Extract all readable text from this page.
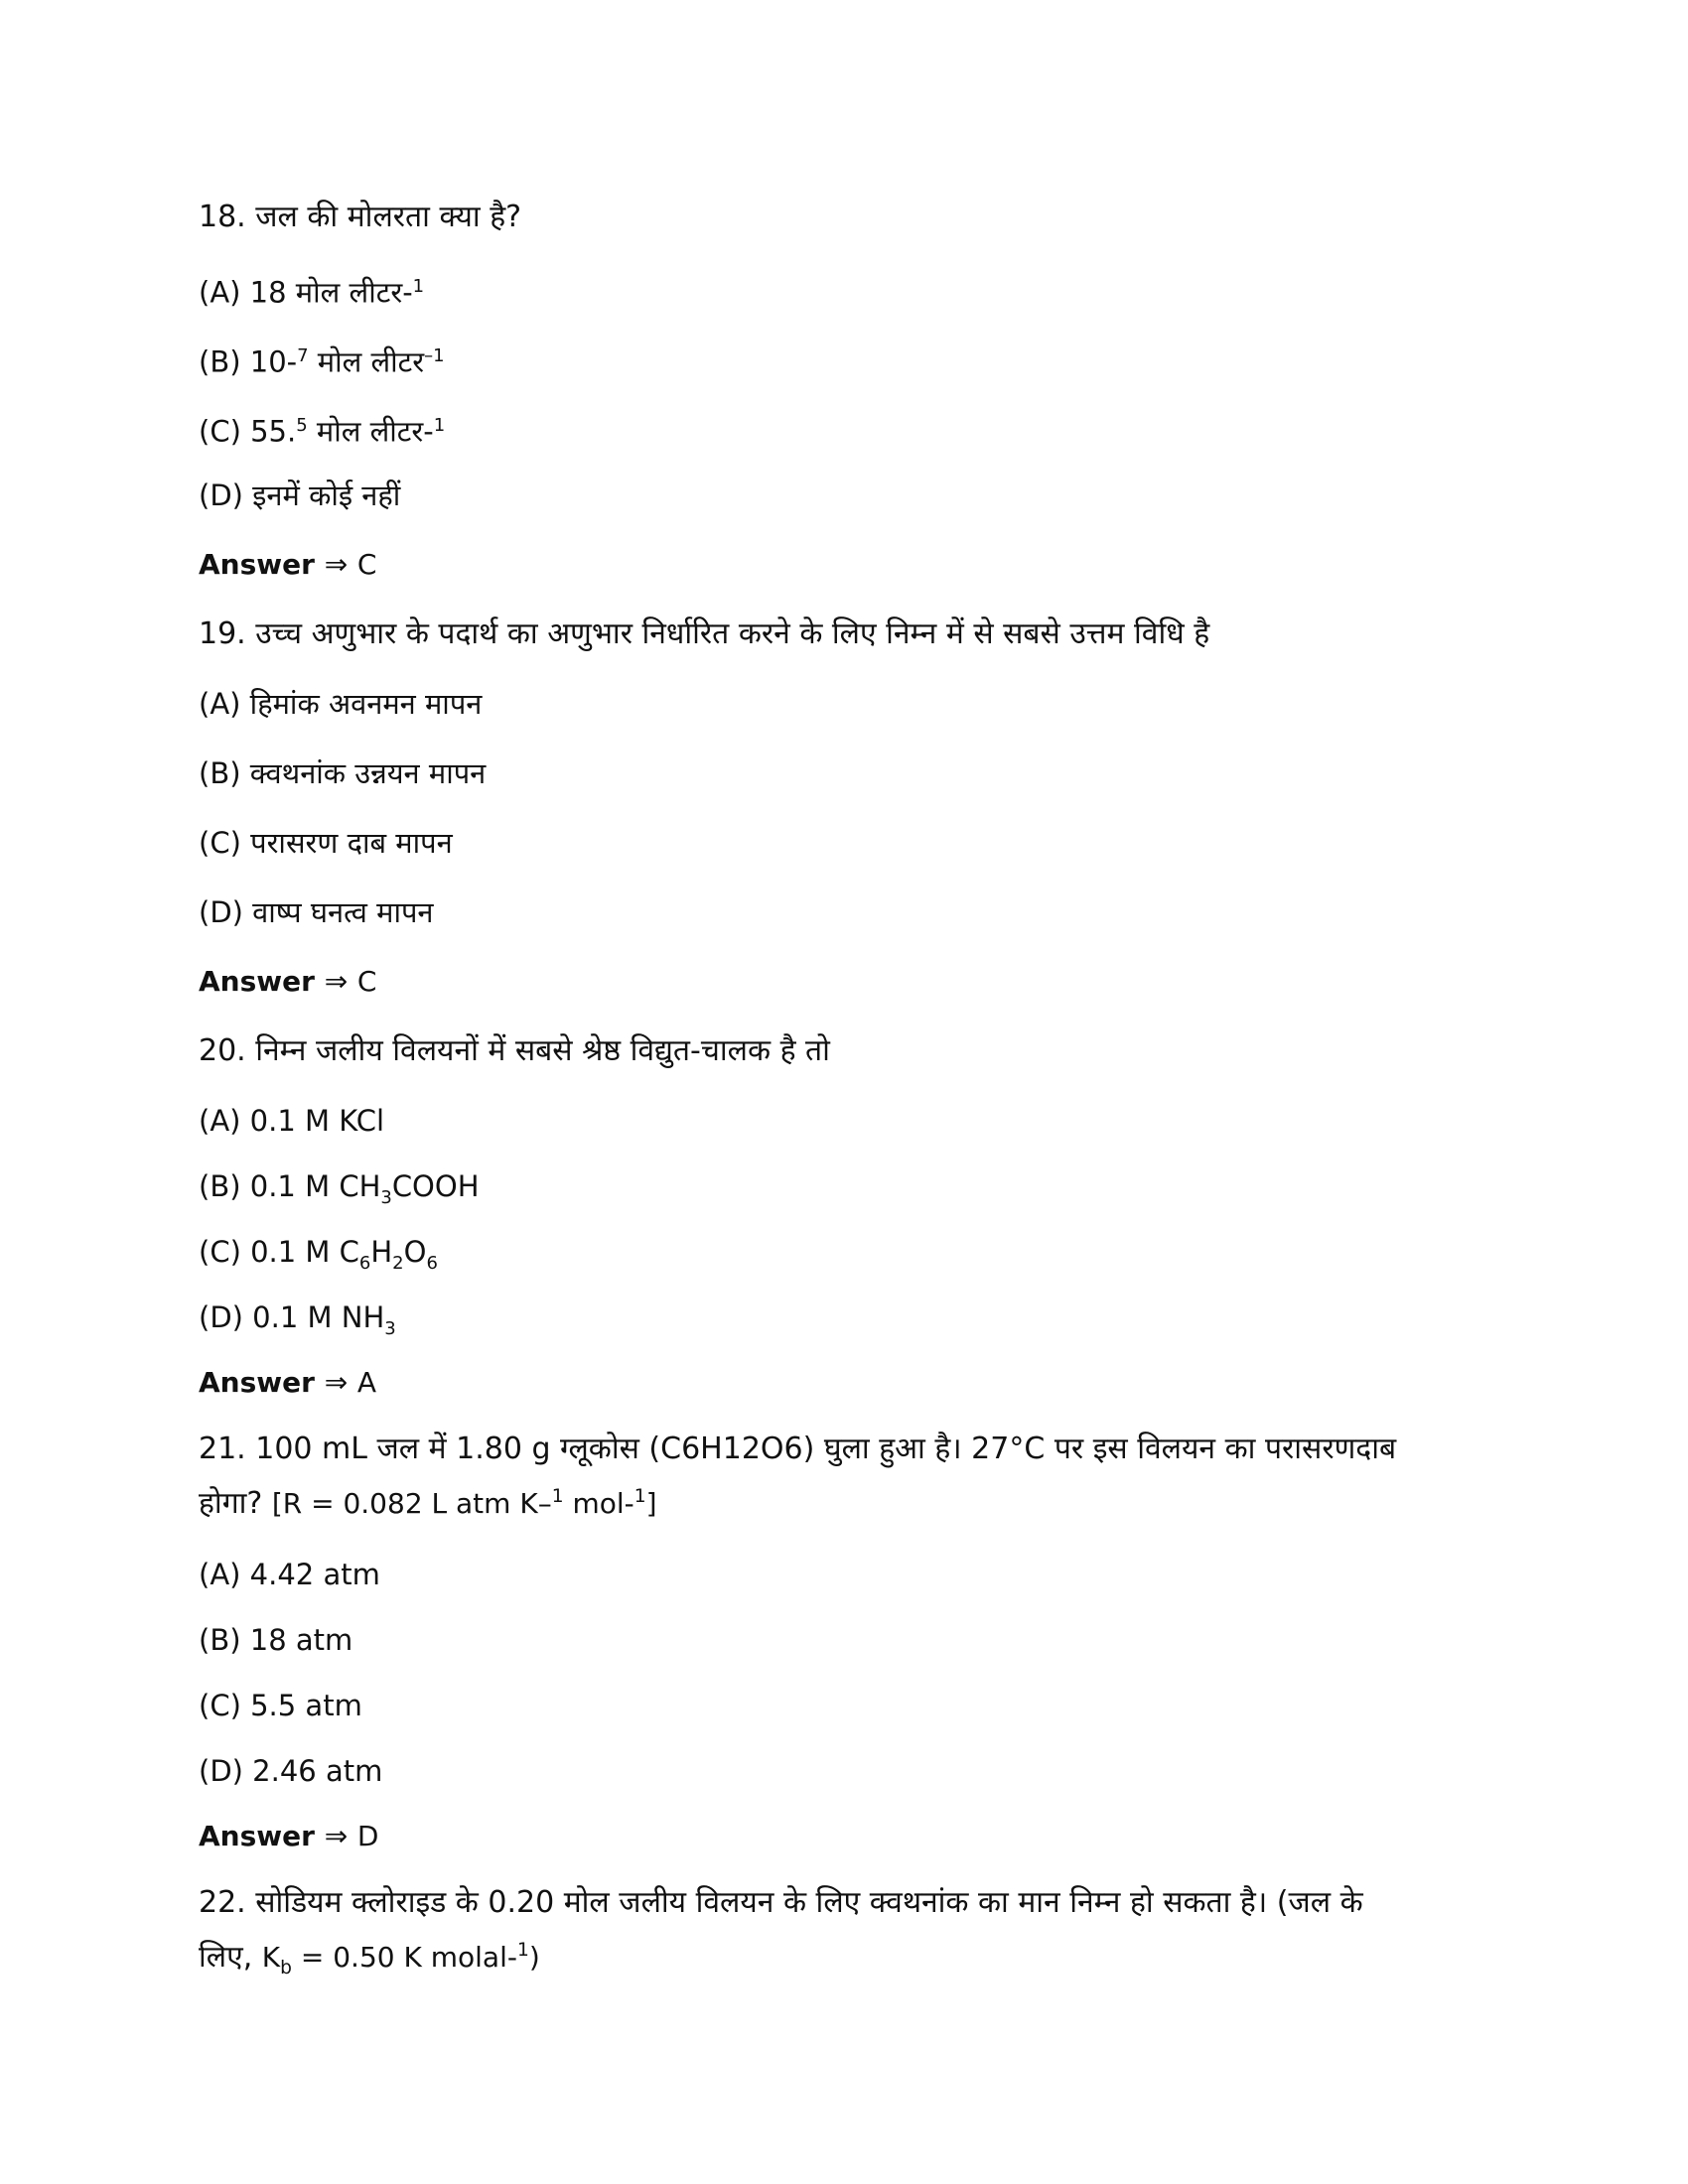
18. जल की मोलरता क्या है?
(A) 18 मोल लीटर-$^1$
(B) 10-$^7$ मोल लीटर$^{-1}$
(C) 55.$^5$ मोल लीटर-$^1$
(D) इनमें कोई नहीं
Answer ⇒ C
19. उच्च अणुभार के पदार्थ का अणुभार निर्धारित करने के लिए निम्न में से सबसे उत्तम विधि है
(A) हिमांक अवनमन मापन
(B) क्वथनांक उन्नयन मापन
(C) परासरण दाब मापन
(D) वाष्प घनत्व मापन
Answer ⇒ C
20. निम्न जलीय विलयनों में सबसे श्रेष्ठ विद्युत-चालक है तो
(A) 0.1 M KCl
(B) 0.1 M $CH_3COOH$
(C) 0.1 M $C_6H_2O_6$
(D) 0.1 M $NH_3$
Answer ⇒ A
21. 100 mL जल में 1.80 g ग्लूकोस (C6H12O6) घुला हुआ है। 27°C पर इस विलयन का परासरणदाब
होगा? [R = 0.082 L atm K–$^1$ mol-$^1$]
(A) 4.42 atm
(B) 18 atm
(C) 5.5 atm
(D) 2.46 atm
Answer ⇒ D
22. सोडियम क्लोराइड के 0.20 मोल जलीय विलयन के लिए क्वथनांक का मान निम्न हो सकता है। (जल के
लिए, $K_b = 0.50$ K molal-$^1$)
